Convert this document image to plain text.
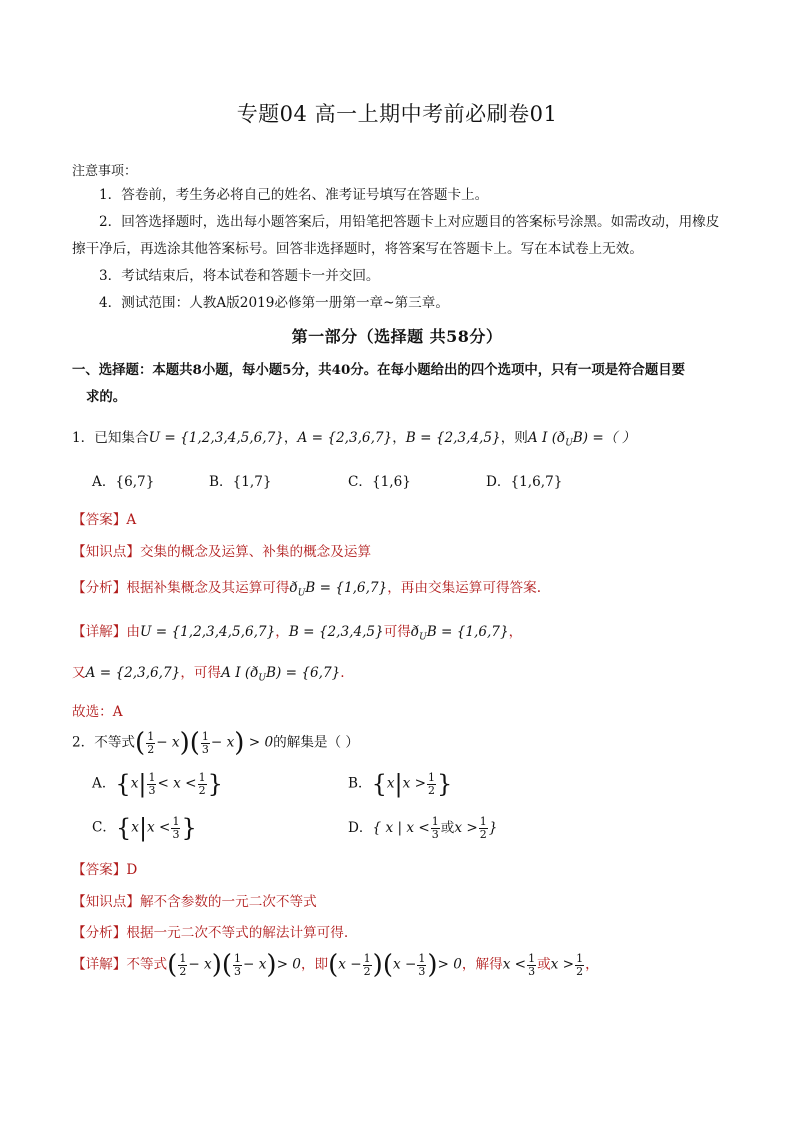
专题04 高一上期中考前必刷卷01
注意事项：
1．答卷前，考生务必将自己的姓名、准考证号填写在答题卡上。
2．回答选择题时，选出每小题答案后，用铅笔把答题卡上对应题目的答案标号涂黑。如需改动，用橡皮擦干净后，再选涂其他答案标号。回答非选择题时，将答案写在答题卡上。写在本试卷上无效。
3．考试结束后，将本试卷和答题卡一并交回。
4．测试范围：人教A版2019必修第一册第一章~第三章。
第一部分（选择题 共58分）
一、选择题：本题共8小题，每小题5分，共40分。在每小题给出的四个选项中，只有一项是符合题目要
求的。
1．已知集合U = {1,2,3,4,5,6,7}，A = {2,3,6,7}，B = {2,3,4,5}，则A I $(ð_UB)$ =（ ）
A．{6,7}	B．{1,7}	C．{1,6}	D．{1,6,7}
【答案】A
【知识点】交集的概念及运算、补集的概念及运算
【分析】根据补集概念及其运算可得$ð_UB = \{1,6,7\}$，再由交集运算可得答案.
【详解】由U = {1,2,3,4,5,6,7}，B = {2,3,4,5}可得$ð_UB = \{1,6,7\}$，
又A = {2,3,6,7}，可得A I $(ð_UB) = \{6,7\}$.
故选：A
2．不等式( $\frac{1}{2} - x)( \frac{1}{3} - x) > 0$的解集是（ ）
A．{$x| \frac{1}{3} < x < \frac{1}{2}$ }	B．{$x|x > \frac{1}{2}$ }
C．{$x|x < \frac{1}{3}$ }	D．{ x | $x < \frac{1}{3}$ 或$x > \frac{1}{2}$ }
【答案】D
【知识点】解不含参数的一元二次不等式
【分析】根据一元二次不等式的解法计算可得.
【详解】不等式( $\frac{1}{2} - x)( \frac{1}{3} - x)> 0$，即$(x - \frac{1}{2} )(x - \frac{1}{3}$ )> 0，解得$x < \frac{1}{3}$ 或$x > \frac{1}{2}$ ，
